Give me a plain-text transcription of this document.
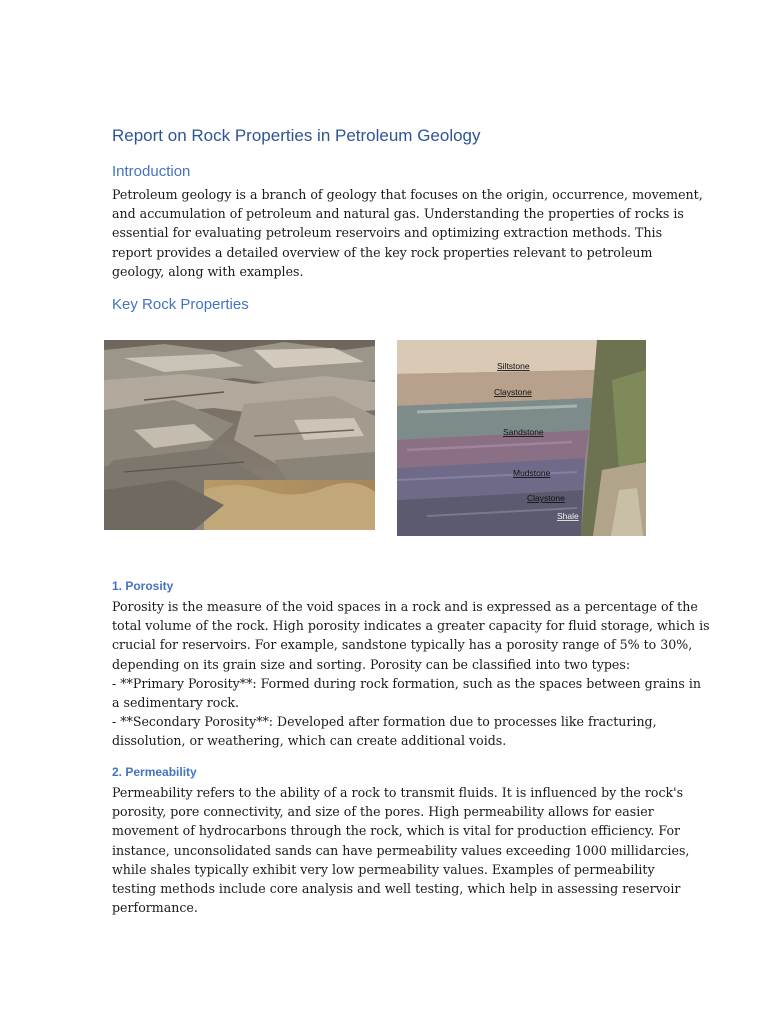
Report on Rock Properties in Petroleum Geology
Introduction
Petroleum geology is a branch of geology that focuses on the origin, occurrence, movement,
and accumulation of petroleum and natural gas. Understanding the properties of rocks is
essential for evaluating petroleum reservoirs and optimizing extraction methods. This
report provides a detailed overview of the key rock properties relevant to petroleum
geology, along with examples.
Key Rock Properties
Siltstone
Claystone
Sandstone
Mudstone
Claystone
Shale
1. Porosity
Porosity is the measure of the void spaces in a rock and is expressed as a percentage of the
total volume of the rock. High porosity indicates a greater capacity for fluid storage, which is
crucial for reservoirs. For example, sandstone typically has a porosity range of 5% to 30%,
depending on its grain size and sorting. Porosity can be classified into two types:
- **Primary Porosity**: Formed during rock formation, such as the spaces between grains in
a sedimentary rock.
- **Secondary Porosity**: Developed after formation due to processes like fracturing,
dissolution, or weathering, which can create additional voids.
2. Permeability
Permeability refers to the ability of a rock to transmit fluids. It is influenced by the rock's
porosity, pore connectivity, and size of the pores. High permeability allows for easier
movement of hydrocarbons through the rock, which is vital for production efficiency. For
instance, unconsolidated sands can have permeability values exceeding 1000 millidarcies,
while shales typically exhibit very low permeability values. Examples of permeability
testing methods include core analysis and well testing, which help in assessing reservoir
performance.
